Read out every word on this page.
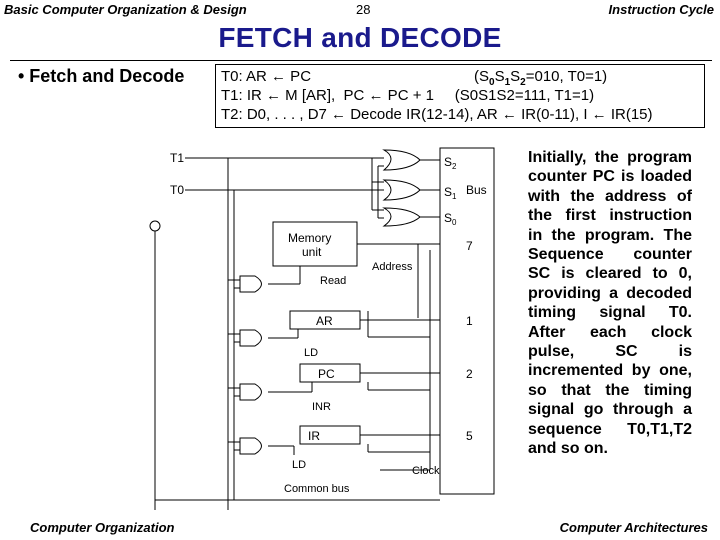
Basic Computer Organization & Design	28	Instruction Cycle
FETCH and DECODE
• Fetch and Decode T0: AR ← PC	($S_0S_1S_2=010$, T0=1)
T1: IR ← M [AR],  PC ← PC + 1     (S0S1S2=111, T1=1)
T2: D0, . . . , D7 ← Decode IR(12-14), AR ← IR(0-11), I ← IR(15)
T1
T0
$S_2$
$S_1$ Bus
$S_0$
Memory
unit
Address
Read
7
AR	1
LD
PC	2
INR
IR	5
LD	Clock
Common bus
Initially, the program counter PC is loaded with the address of the first instruction in the program. The Sequence counter SC is cleared to 0, providing a decoded timing signal T0. After each clock pulse, SC is incremented by one, so that the timing signal go through a sequence T0,T1,T2 and so on.
Computer Organization	Computer Architectures
